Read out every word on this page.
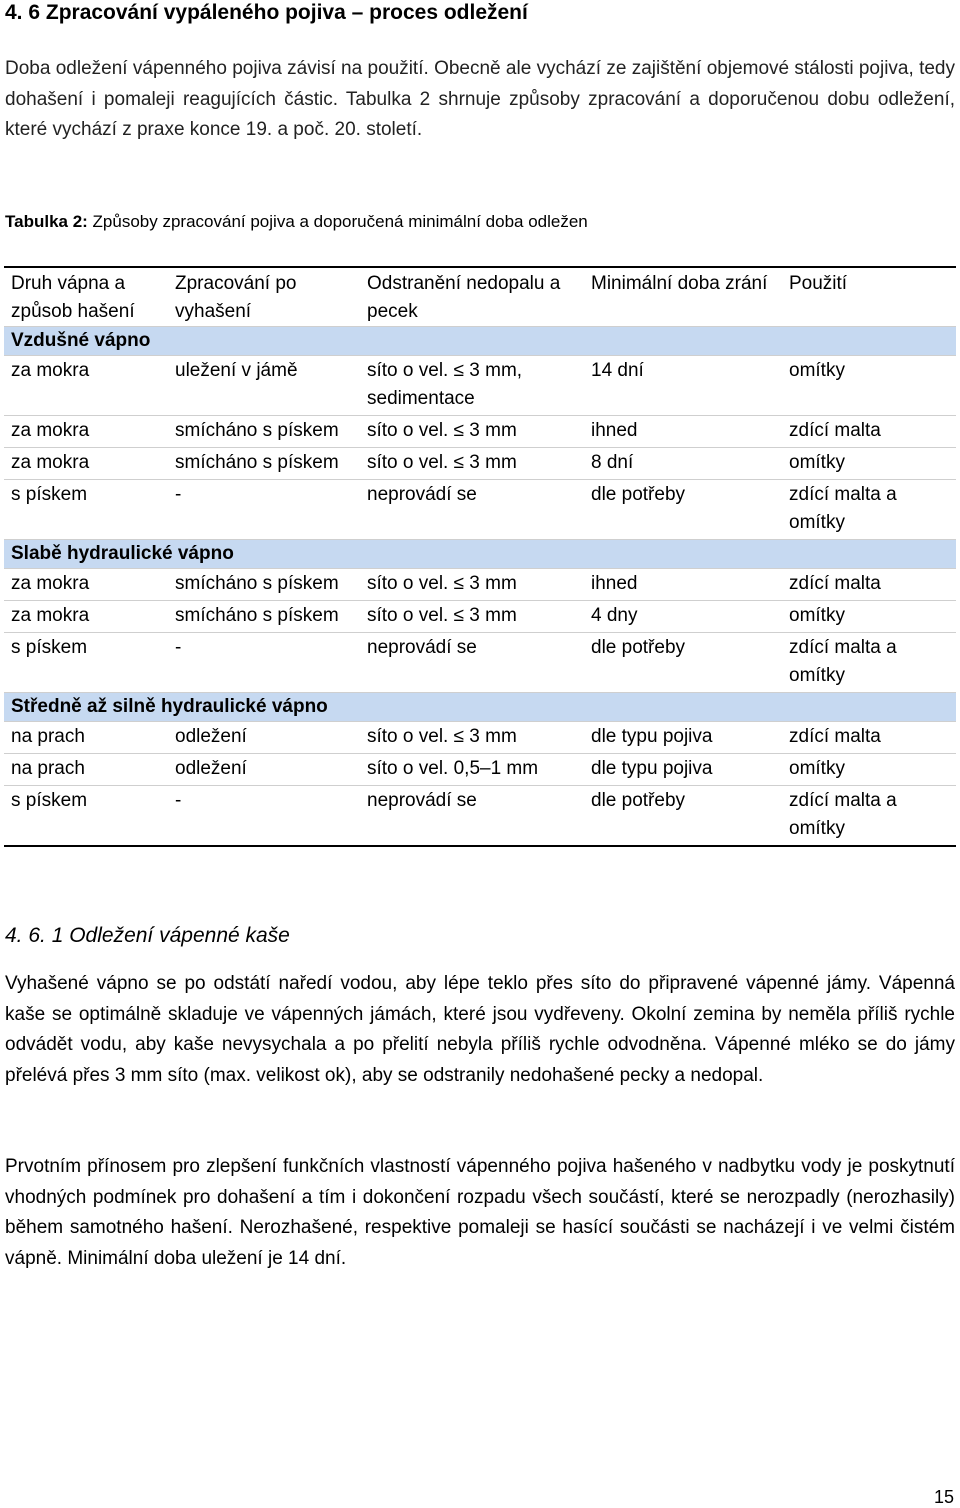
4. 6 Zpracování vypáleného pojiva – proces odležení
Doba odležení vápenného pojiva závisí na použití. Obecně ale vychází ze zajištění objemové stálosti pojiva, tedy dohašení i pomaleji reagujících částic. Tabulka 2 shrnuje způsoby zpracování a doporučenou dobu odležení, které vychází z praxe konce 19. a poč. 20. století.
Tabulka 2: Způsoby zpracování pojiva a doporučená minimální doba odležen
Druh vápna a způsob hašení	Zpracování po vyhašení	Odstranění nedopalu a pecek	Minimální doba zrání	Použití
Vzdušné vápno				
za mokra	uležení v jámě	síto o vel. ≤ 3 mm, sedimentace	14 dní	omítky
za mokra	smícháno s pískem	síto o vel. ≤ 3 mm	ihned	zdící malta
za mokra	smícháno s pískem	síto o vel. ≤ 3 mm	8 dní	omítky
s pískem	-	neprovádí se	dle potřeby	zdící malta a omítky
Slabě hydraulické vápno				
za mokra	smícháno s pískem	síto o vel. ≤ 3 mm	ihned	zdící malta
za mokra	smícháno s pískem	síto o vel. ≤ 3 mm	4 dny	omítky
s pískem	-	neprovádí se	dle potřeby	zdící malta a omítky
Středně až silně hydraulické vápno				
na prach	odležení	síto o vel. ≤ 3 mm	dle typu pojiva	zdící malta
na prach	odležení	síto o vel. 0,5–1 mm	dle typu pojiva	omítky
s pískem	-	neprovádí se	dle potřeby	zdící malta a omítky
4. 6. 1 Odležení vápenné kaše
Vyhašené vápno se po odstátí naředí vodou, aby lépe teklo přes síto do připravené vápenné jámy. Vápenná kaše se optimálně skladuje ve vápenných jámách, které jsou vydřeveny. Okolní zemina by neměla příliš rychle odvádět vodu, aby kaše nevysychala a po přelití nebyla příliš rychle odvodněna. Vápenné mléko se do jámy přelévá přes 3 mm síto (max. velikost ok), aby se odstranily nedohašené pecky a nedopal.
Prvotním přínosem pro zlepšení funkčních vlastností vápenného pojiva hašeného v nadbytku vody je poskytnutí vhodných podmínek pro dohašení a tím i dokončení rozpadu všech součástí, které se nerozpadly (nerozhasily) během samotného hašení. Nerozhašené, respektive pomaleji se hasící součásti se nacházejí i ve velmi čistém vápně. Minimální doba uležení je 14 dní.
15
